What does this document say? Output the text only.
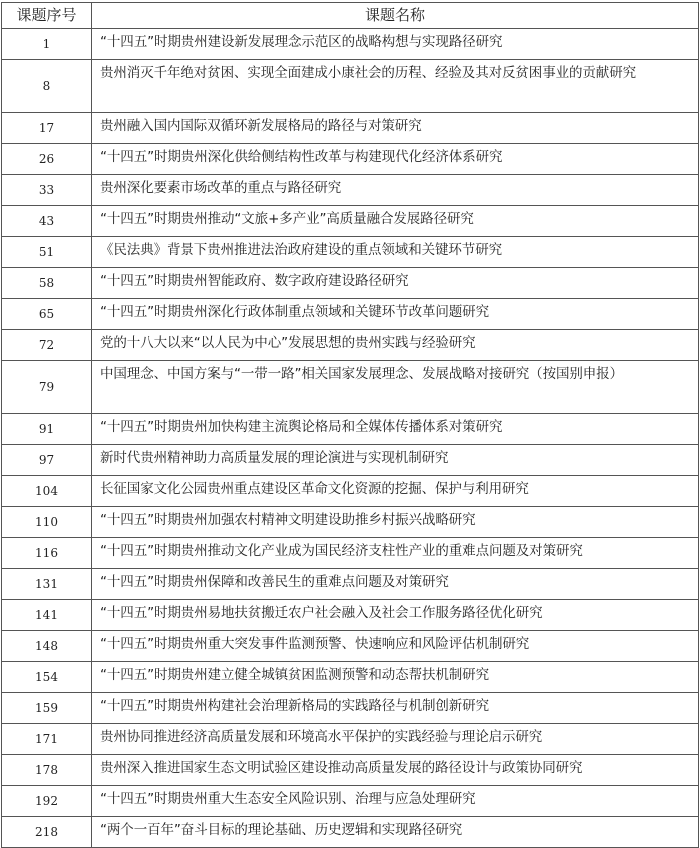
课题序号	课题名称
1	“十四五”时期贵州建设新发展理念示范区的战略构想与实现路径研究
8	贵州消灭千年绝对贫困、实现全面建成小康社会的历程、经验及其对反贫困事业的贡献研究
17	贵州融入国内国际双循环新发展格局的路径与对策研究
26	“十四五”时期贵州深化供给侧结构性改革与构建现代化经济体系研究
33	贵州深化要素市场改革的重点与路径研究
43	“十四五”时期贵州推动“文旅+多产业”高质量融合发展路径研究
51	《民法典》背景下贵州推进法治政府建设的重点领域和关键环节研究
58	“十四五”时期贵州智能政府、数字政府建设路径研究
65	“十四五”时期贵州深化行政体制重点领域和关键环节改革问题研究
72	党的十八大以来“以人民为中心”发展思想的贵州实践与经验研究
79	中国理念、中国方案与“一带一路”相关国家发展理念、发展战略对接研究（按国别申报）
91	“十四五”时期贵州加快构建主流舆论格局和全媒体传播体系对策研究
97	新时代贵州精神助力高质量发展的理论演进与实现机制研究
104	长征国家文化公园贵州重点建设区革命文化资源的挖掘、保护与利用研究
110	“十四五”时期贵州加强农村精神文明建设助推乡村振兴战略研究
116	“十四五”时期贵州推动文化产业成为国民经济支柱性产业的重难点问题及对策研究
131	“十四五”时期贵州保障和改善民生的重难点问题及对策研究
141	“十四五”时期贵州易地扶贫搬迁农户社会融入及社会工作服务路径优化研究
148	“十四五”时期贵州重大突发事件监测预警、快速响应和风险评估机制研究
154	“十四五”时期贵州建立健全城镇贫困监测预警和动态帮扶机制研究
159	“十四五”时期贵州构建社会治理新格局的实践路径与机制创新研究
171	贵州协同推进经济高质量发展和环境高水平保护的实践经验与理论启示研究
178	贵州深入推进国家生态文明试验区建设推动高质量发展的路径设计与政策协同研究
192	“十四五”时期贵州重大生态安全风险识别、治理与应急处理研究
218	“两个一百年”奋斗目标的理论基础、历史逻辑和实现路径研究
